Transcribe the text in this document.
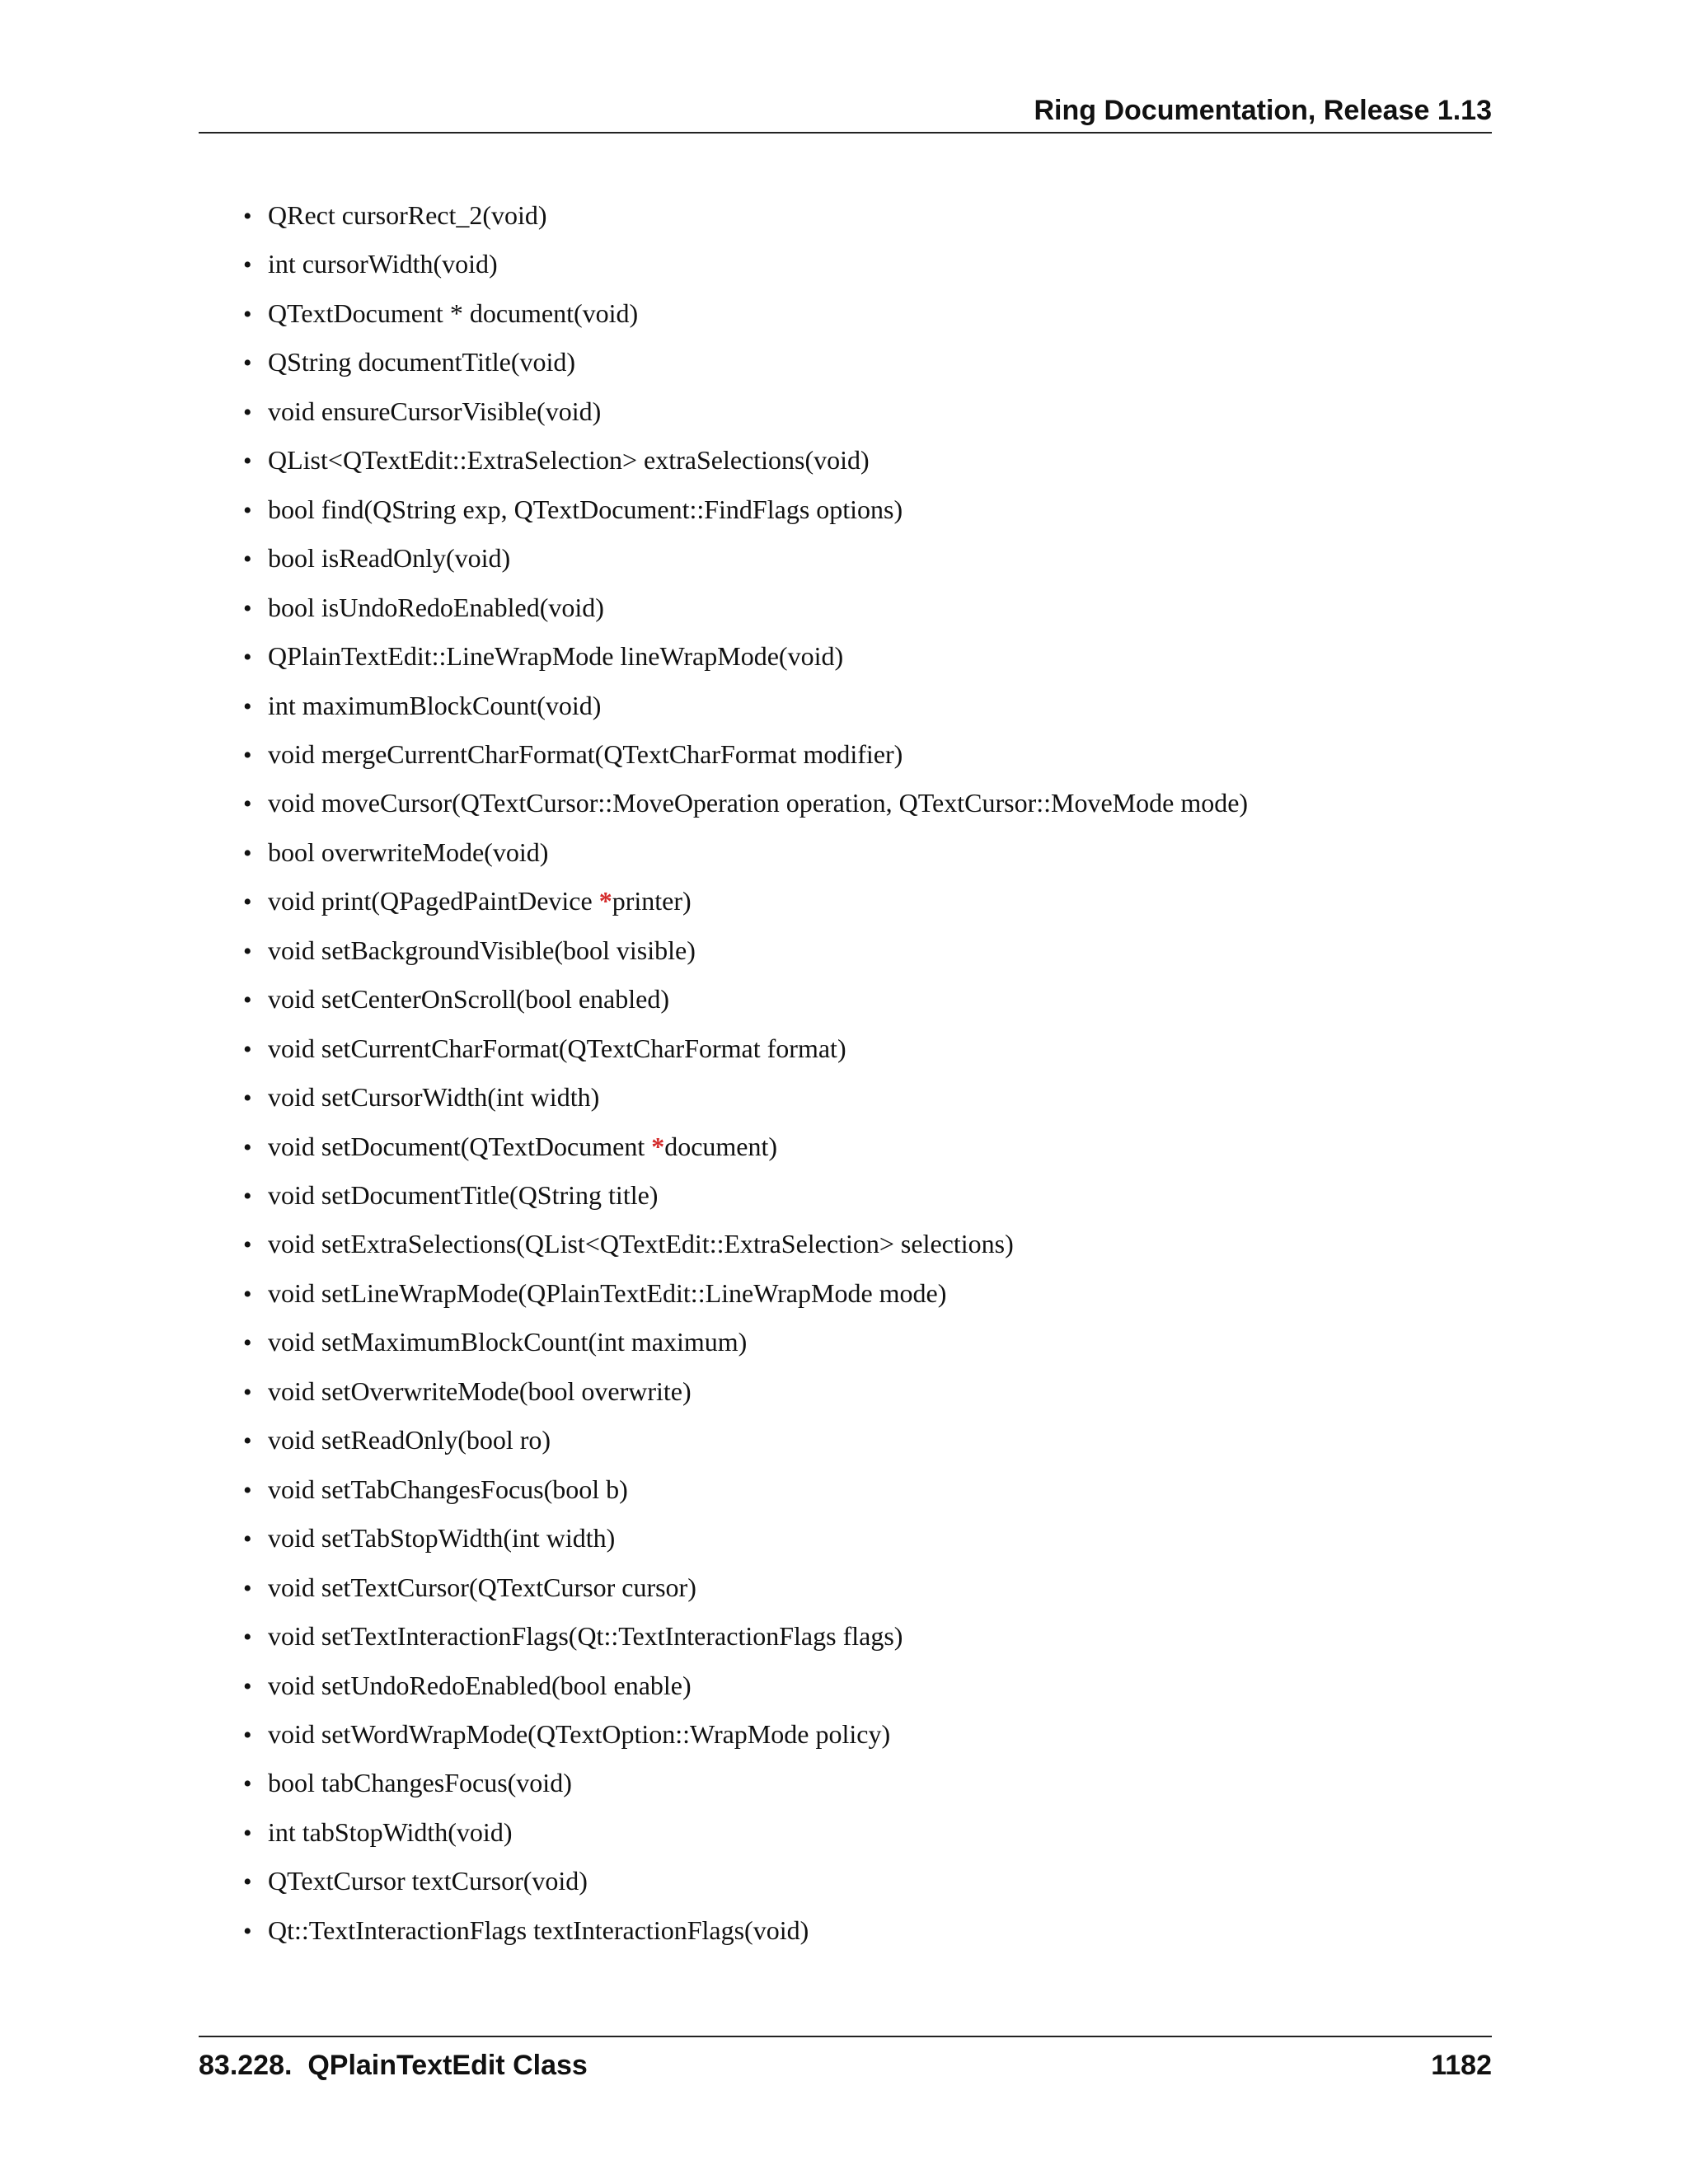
Ring Documentation, Release 1.13
• QRect cursorRect_2(void)
• int cursorWidth(void)
• QTextDocument * document(void)
• QString documentTitle(void)
• void ensureCursorVisible(void)
• QList<QTextEdit::ExtraSelection> extraSelections(void)
• bool find(QString exp, QTextDocument::FindFlags options)
• bool isReadOnly(void)
• bool isUndoRedoEnabled(void)
• QPlainTextEdit::LineWrapMode lineWrapMode(void)
• int maximumBlockCount(void)
• void mergeCurrentCharFormat(QTextCharFormat modifier)
• void moveCursor(QTextCursor::MoveOperation operation, QTextCursor::MoveMode mode)
• bool overwriteMode(void)
• void print(QPagedPaintDevice *printer)
• void setBackgroundVisible(bool visible)
• void setCenterOnScroll(bool enabled)
• void setCurrentCharFormat(QTextCharFormat format)
• void setCursorWidth(int width)
• void setDocument(QTextDocument *document)
• void setDocumentTitle(QString title)
• void setExtraSelections(QList<QTextEdit::ExtraSelection> selections)
• void setLineWrapMode(QPlainTextEdit::LineWrapMode mode)
• void setMaximumBlockCount(int maximum)
• void setOverwriteMode(bool overwrite)
• void setReadOnly(bool ro)
• void setTabChangesFocus(bool b)
• void setTabStopWidth(int width)
• void setTextCursor(QTextCursor cursor)
• void setTextInteractionFlags(Qt::TextInteractionFlags flags)
• void setUndoRedoEnabled(bool enable)
• void setWordWrapMode(QTextOption::WrapMode policy)
• bool tabChangesFocus(void)
• int tabStopWidth(void)
• QTextCursor textCursor(void)
• Qt::TextInteractionFlags textInteractionFlags(void)
83.228.  QPlainTextEdit Class	1182
